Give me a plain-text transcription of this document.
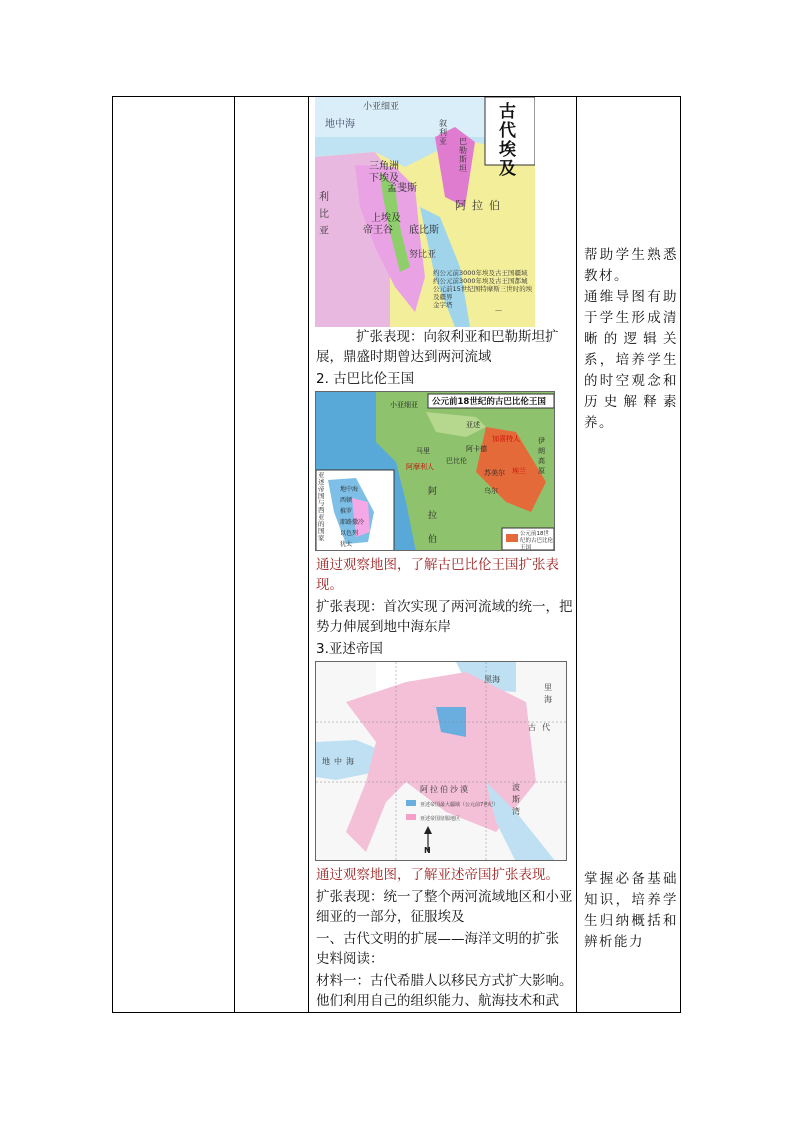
—
古代埃及
小亚细亚
地中海	叙利亚 巴勒斯坦
三角洲
下埃及
孟斐斯
利比亚
阿拉伯
上埃及
帝王谷 底比斯
努比亚
约公元前3000年埃及古王国疆域
约公元前3000年埃及古王国都城
公元前15世纪图特摩斯三世时的埃及疆界
金字塔
扩张表现：向叙利亚和巴勒斯坦扩展，鼎盛时期曾达到两河流域
2. 古巴比伦王国
公元前18世纪的古巴比伦王国
小亚细亚
亚述
加喜特人
马里	阿卡德
巴比伦
阿摩利人	埃兰
苏美尔
乌尔
伊朗高原
阿拉伯
亚述帝国与西亚的国家
地中海
西顿
推罗
耶路撒冷
以色列
犹太
公元前18世纪的古巴比伦王国
通过观察地图，了解古巴比伦王国扩张表现。
扩张表现：首次实现了两河流域的统一，把势力伸展到地中海东岸
3.亚述帝国
黑海
里海
古代
地中海
阿拉伯沙漠	波斯湾
亚述帝国最大疆域（公元前7世纪）
亚述帝国征服地区
N
通过观察地图，了解亚述帝国扩张表现。
扩张表现：统一了整个两河流域地区和小亚细亚的一部分，征服埃及
一、古代文明的扩展——海洋文明的扩张
史料阅读：
材料一：古代希腊人以移民方式扩大影响。他们利用自己的组织能力、航海技术和武
帮助学生熟悉教材。
通维导图有助于学生形成清晰的逻辑关系，培养学生的时空观念和历史解释素养。
掌握必备基础知识，培养学生归纳概括和辨析能力
